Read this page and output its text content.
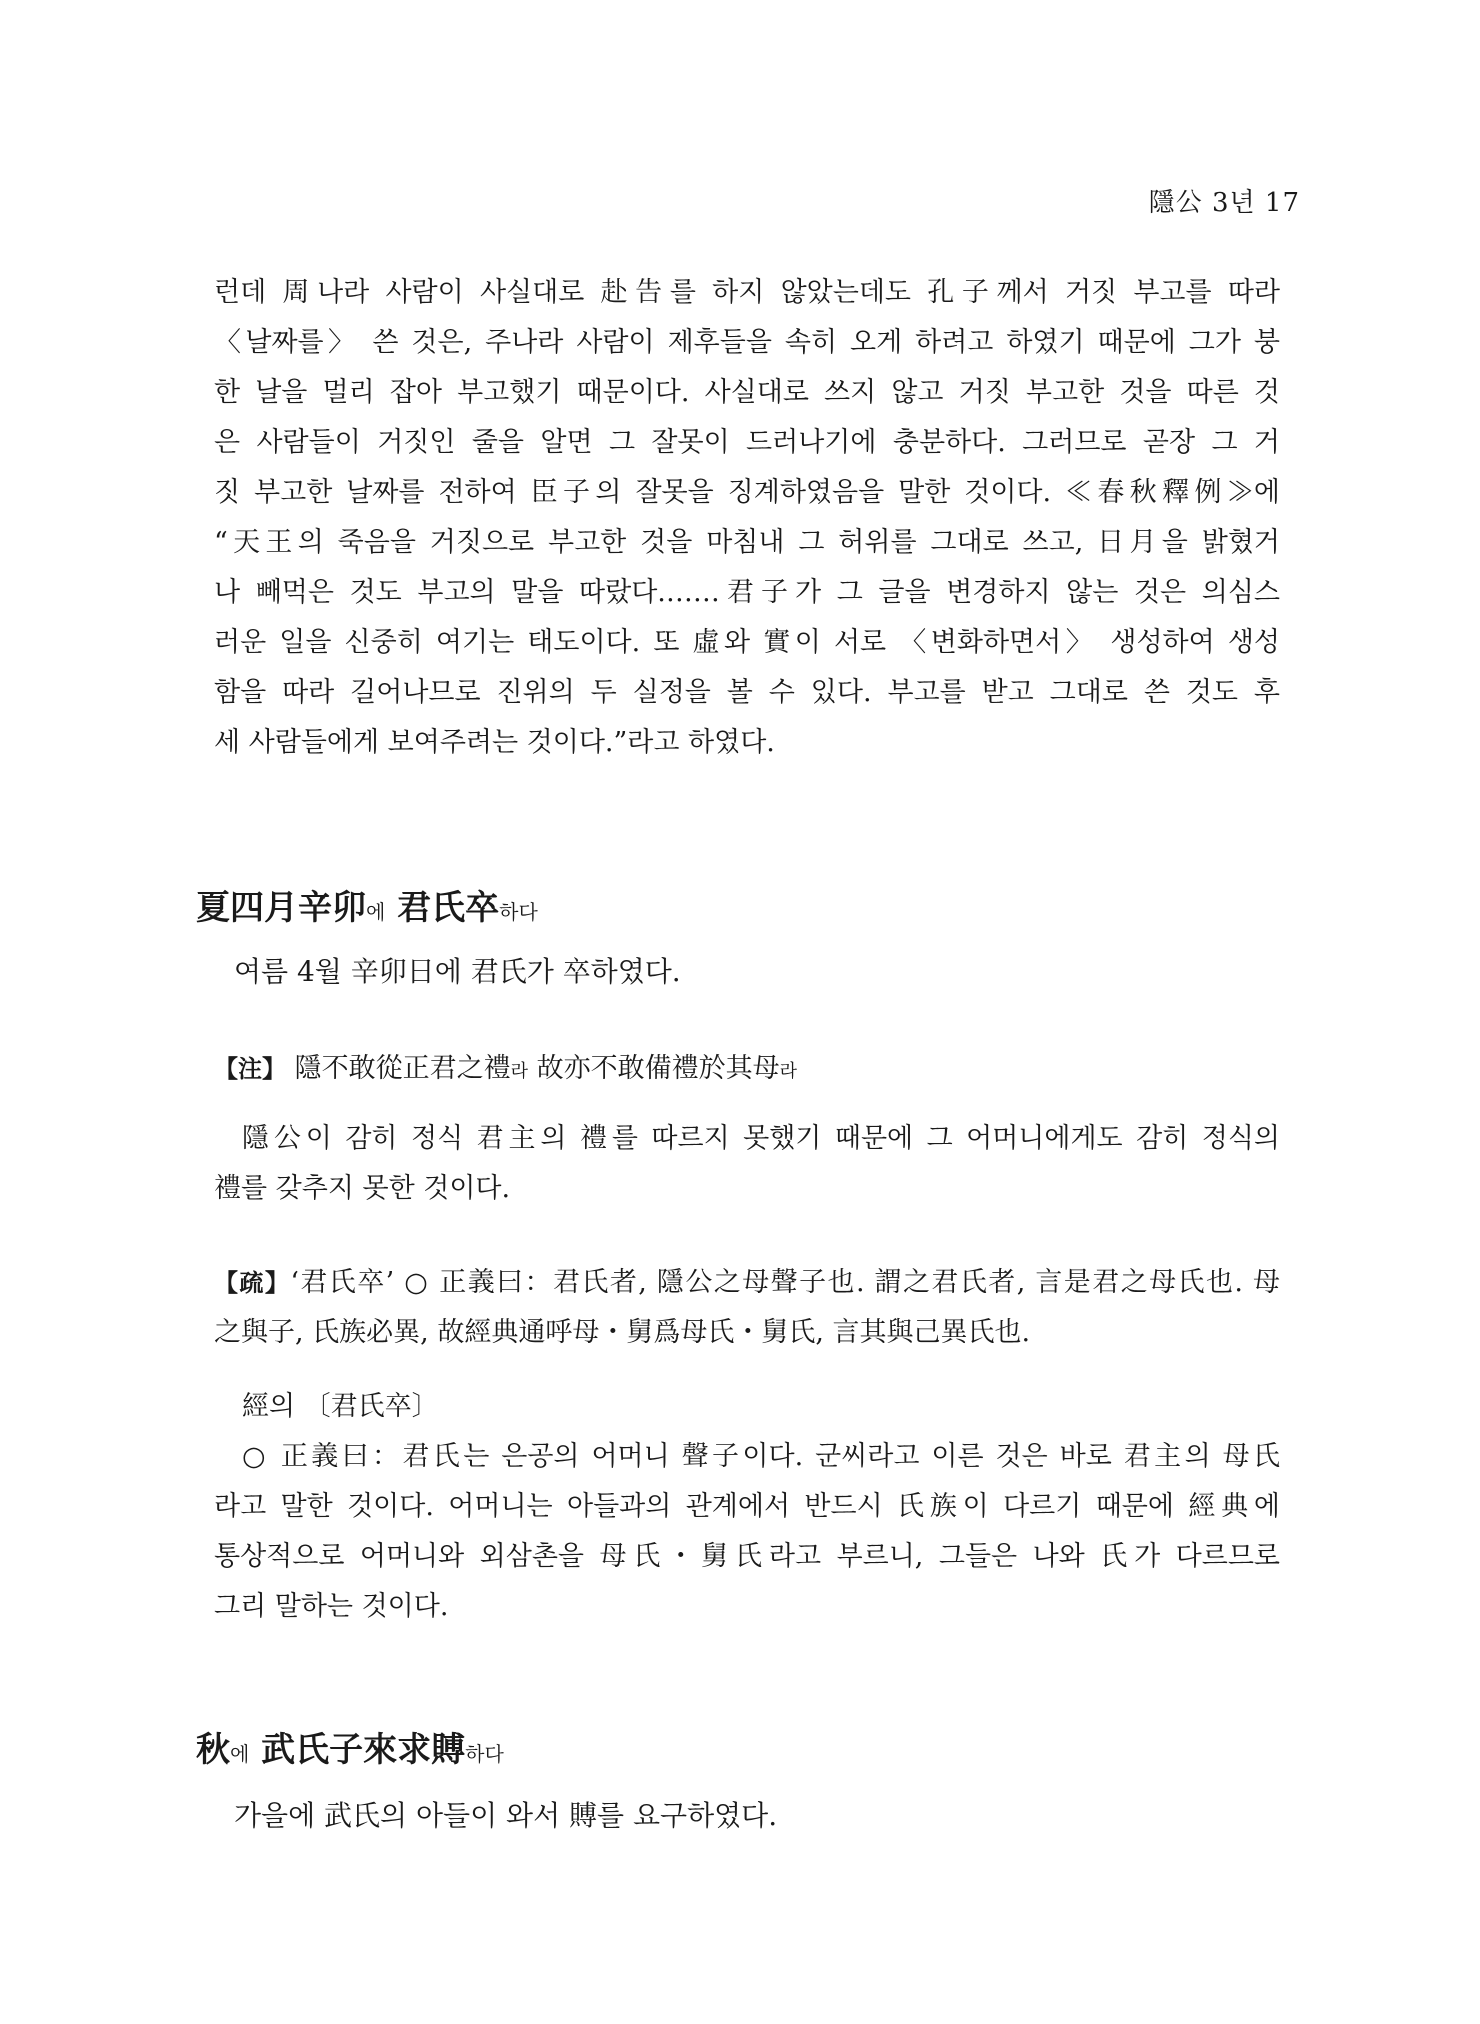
隱公 3년 17
런데 周나라 사람이 사실대로 赴告를 하지 않았는데도 孔子께서 거짓 부고를 따라
〈날짜를〉 쓴 것은, 주나라 사람이 제후들을 속히 오게 하려고 하였기 때문에 그가 붕
한 날을 멀리 잡아 부고했기 때문이다. 사실대로 쓰지 않고 거짓 부고한 것을 따른 것
은 사람들이 거짓인 줄을 알면 그 잘못이 드러나기에 충분하다. 그러므로 곧장 그 거
짓 부고한 날짜를 전하여 臣子의 잘못을 징계하였음을 말한 것이다. ≪春秋釋例≫에
“天王의 죽음을 거짓으로 부고한 것을 마침내 그 허위를 그대로 쓰고, 日月을 밝혔거
나 빼먹은 것도 부고의 말을 따랐다.……君子가 그 글을 변경하지 않는 것은 의심스
러운 일을 신중히 여기는 태도이다. 또 虛와 實이 서로 〈변화하면서〉 생성하여 생성
함을 따라 길어나므로 진위의 두 실정을 볼 수 있다. 부고를 받고 그대로 쓴 것도 후
세 사람들에게 보여주려는 것이다.”라고 하였다.
夏四月辛卯에 君氏卒하다
여름 4월 辛卯日에 君氏가 卒하였다.
【注】 隱不敢從正君之禮라 故亦不敢備禮於其母라
隱公이 감히 정식 君主의 禮를 따르지 못했기 때문에 그 어머니에게도 감히 정식의
禮를 갖추지 못한 것이다.
【疏】‘君氏卒’ ○ 正義曰：君氏者, 隱公之母聲子也. 謂之君氏者, 言是君之母氏也. 母
之與子, 氏族必異, 故經典通呼母・舅爲母氏・舅氏, 言其與己異氏也.
經의 〔君氏卒〕
○ 正義曰：君氏는 은공의 어머니 聲子이다. 군씨라고 이른 것은 바로 君主의 母氏
라고 말한 것이다. 어머니는 아들과의 관계에서 반드시 氏族이 다르기 때문에 經典에
통상적으로 어머니와 외삼촌을 母氏・舅氏라고 부르니, 그들은 나와 氏가 다르므로
그리 말하는 것이다.
秋에 武氏子來求賻하다
가을에 武氏의 아들이 와서 賻를 요구하였다.
